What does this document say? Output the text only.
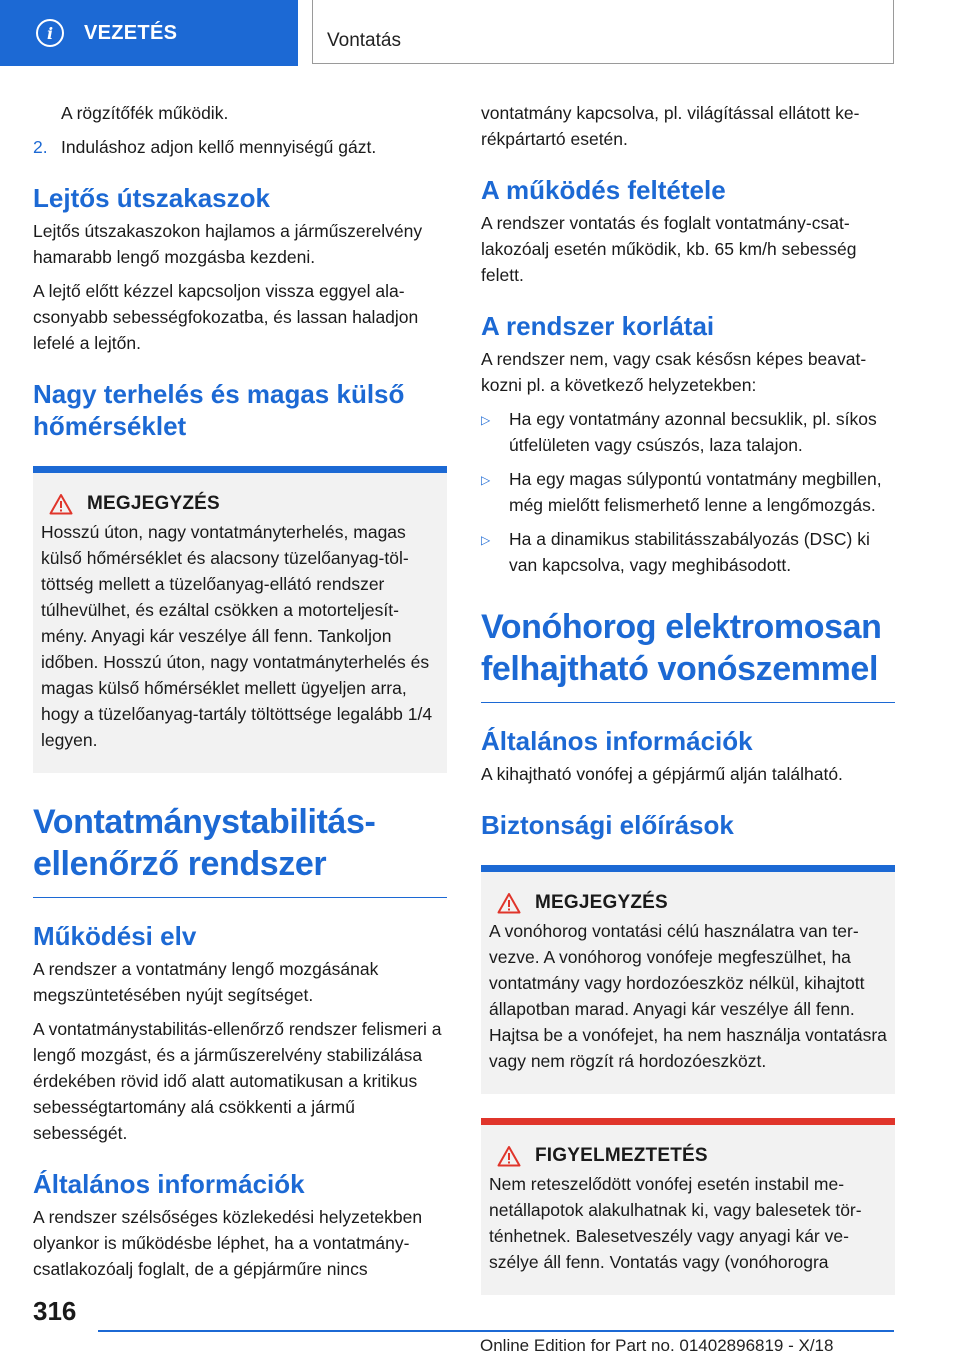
i	VEZETÉS	Vontatás
A rögzítőfék működik.
2. Induláshoz adjon kellő mennyiségű gázt.
Lejtős útszakaszok

Lejtős útszakaszokon hajlamos a járműszerelvény hamarabb lengő mozgásba kezdeni.

A lejtő előtt kézzel kapcsoljon vissza eggyel alacsonyabb sebességfokozatba, és lassan haladjon lefelé a lejtőn.

Nagy terhelés és magas külső hőmérséklet
MEGJEGYZÉS

Hosszú úton, nagy vontatmányterhelés, magas külső hőmérséklet és alacsony tüzelőanyag-töltöttség mellett a tüzelőanyag-ellátó rendszer túlhevülhet, és ezáltal csökken a motorteljesítmény. Anyagi kár veszélye áll fenn. Tankoljon időben. Hosszú úton, nagy vontatmányterhelés és magas külső hőmérséklet mellett ügyeljen arra, hogy a tüzelőanyag-tartály töltöttsége legalább 1/4 legyen.

Vontatmánystabilitás-ellenőrző rendszer
Működési elv

A rendszer a vontatmány lengő mozgásának megszüntetésében nyújt segítséget.

A vontatmánystabilitás-ellenőrző rendszer felismeri a lengő mozgást, és a járműszerelvény stabilizálása érdekében rövid idő alatt automatikusan a kritikus sebességtartomány alá csökkenti a jármű sebességét.

Általános információk

A rendszer szélsőséges közlekedési helyzetekben olyankor is működésbe léphet, ha a vontatmány-csatlakozóalj foglalt, de a gépjárműre nincs

vontatmány kapcsolva, pl. világítással ellátott kerékpártartó esetén.

A működés feltétele

A rendszer vontatás és foglalt vontatmány-csatlakozóalj esetén működik, kb. 65 km/h sebesség felett.

A rendszer korlátai

A rendszer nem, vagy csak késősn képes beavatkozni pl. a következő helyzetekben:

▷	Ha egy vontatmány azonnal becsuklik, pl. síkos útfelületen vagy csúszós, laza talajon.
▷	Ha egy magas súlypontú vontatmány megbillen, még mielőtt felismerhető lenne a lengőmozgás.
▷	Ha a dinamikus stabilitásszabályozás (DSC) ki van kapcsolva, vagy meghibásodott.
Vonóhorog elektromosan felhajtható vonószemmel
Általános információk

A kihajtható vonófej a gépjármű alján található.

Biztonsági előírások
MEGJEGYZÉS

A vonóhorog vontatási célú használatra van tervezve. A vonóhorog vonófeje megfeszülhet, ha vontatmány vagy hordozóeszköz nélkül, kihajtott állapotban marad. Anyagi kár veszélye áll fenn. Hajtsa be a vonófejet, ha nem használja vontatásra vagy nem rögzít rá hordozóeszközt.

FIGYELMEZTETÉS

Nem reteszelődött vonófej esetén instabil menetállapotok alakulhatnak ki, vagy balesetek történhetnek. Balesetveszély vagy anyagi kár veszélye áll fenn. Vontatás vagy (vonóhorogra

316
Online Edition for Part no. 01402896819 - X/18
